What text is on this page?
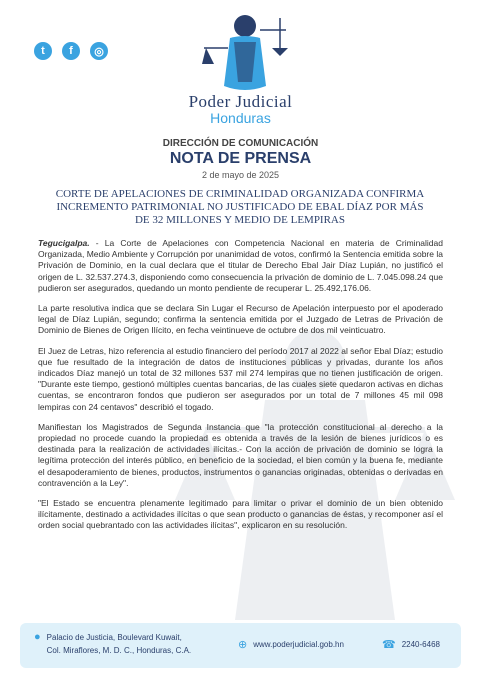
t	f	◎
Poder Judicial
Honduras
DIRECCIÓN DE COMUNICACIÓN
NOTA DE PRENSA
2 de mayo de 2025
CORTE DE APELACIONES DE CRIMINALIDAD ORGANIZADA CONFIRMA INCREMENTO PATRIMONIAL NO JUSTIFICADO DE EBAL DÍAZ POR MÁS DE 32 MILLONES Y MEDIO DE LEMPIRAS

Tegucigalpa. - La Corte de Apelaciones con Competencia Nacional en materia de Criminalidad Organizada, Medio Ambiente y Corrupción por unanimidad de votos, confirmó la Sentencia emitida sobre la Privación de Dominio, en la cual declara que el titular de Derecho Ebal Jair Díaz Lupián, no justificó el origen de L. 32.537.274.3, disponiendo como consecuencia la privación de dominio de L. 7.045.098.24 que pudieron ser asegurados, quedando un monto pendiente de recuperar L. 25.492,176.06.

La parte resolutiva indica que se declara Sin Lugar el Recurso de Apelación interpuesto por el apoderado legal de Díaz Lupián, segundo; confirma la sentencia emitida por el Juzgado de Letras de Privación de Dominio de Bienes de Origen Ilícito, en fecha veintinueve de octubre de dos mil veinticuatro.

El Juez de Letras, hizo referencia al estudio financiero del período 2017 al 2022 al señor Ebal Díaz; estudio que fue resultado de la integración de datos de instituciones públicas y privadas, durante los años indicados Díaz manejó un total de 32 millones 537 mil 274 lempiras que no tienen justificación de origen. "Durante este tiempo, gestionó múltiples cuentas bancarias, de las cuales siete quedaron activas en dichas cuentas, se encontraron fondos que pudieron ser asegurados por un total de 7 millones 45 mil 098 lempiras con 24 centavos" describió el togado.

Manifiestan los Magistrados de Segunda Instancia que "la protección constitucional al derecho a la propiedad no procede cuando la propiedad es obtenida a través de la lesión de bienes jurídicos o es destinada para la realización de actividades ilícitas.- Con la acción de privación de dominio se logra la legítima protección del interés público, en beneficio de la sociedad, el bien común y la buena fe, mediante el desapoderamiento de bienes, productos, instrumentos o ganancias originadas, obtenidas o derivadas en contravención a la Ley".

"El Estado se encuentra plenamente legitimado para limitar o privar el dominio de un bien obtenido ilícitamente, destinado a actividades ilícitas o que sean producto o ganancias de éstas, y recomponer así el orden social quebrantado con las actividades ilícitas", explicaron en su resolución.

● Palacio de Justicia, Boulevard Kuwait,
Col. Miraflores, M. D. C., Honduras, C.A.	⊕ www.poderjudicial.gob.hn	☎ 2240-6468
